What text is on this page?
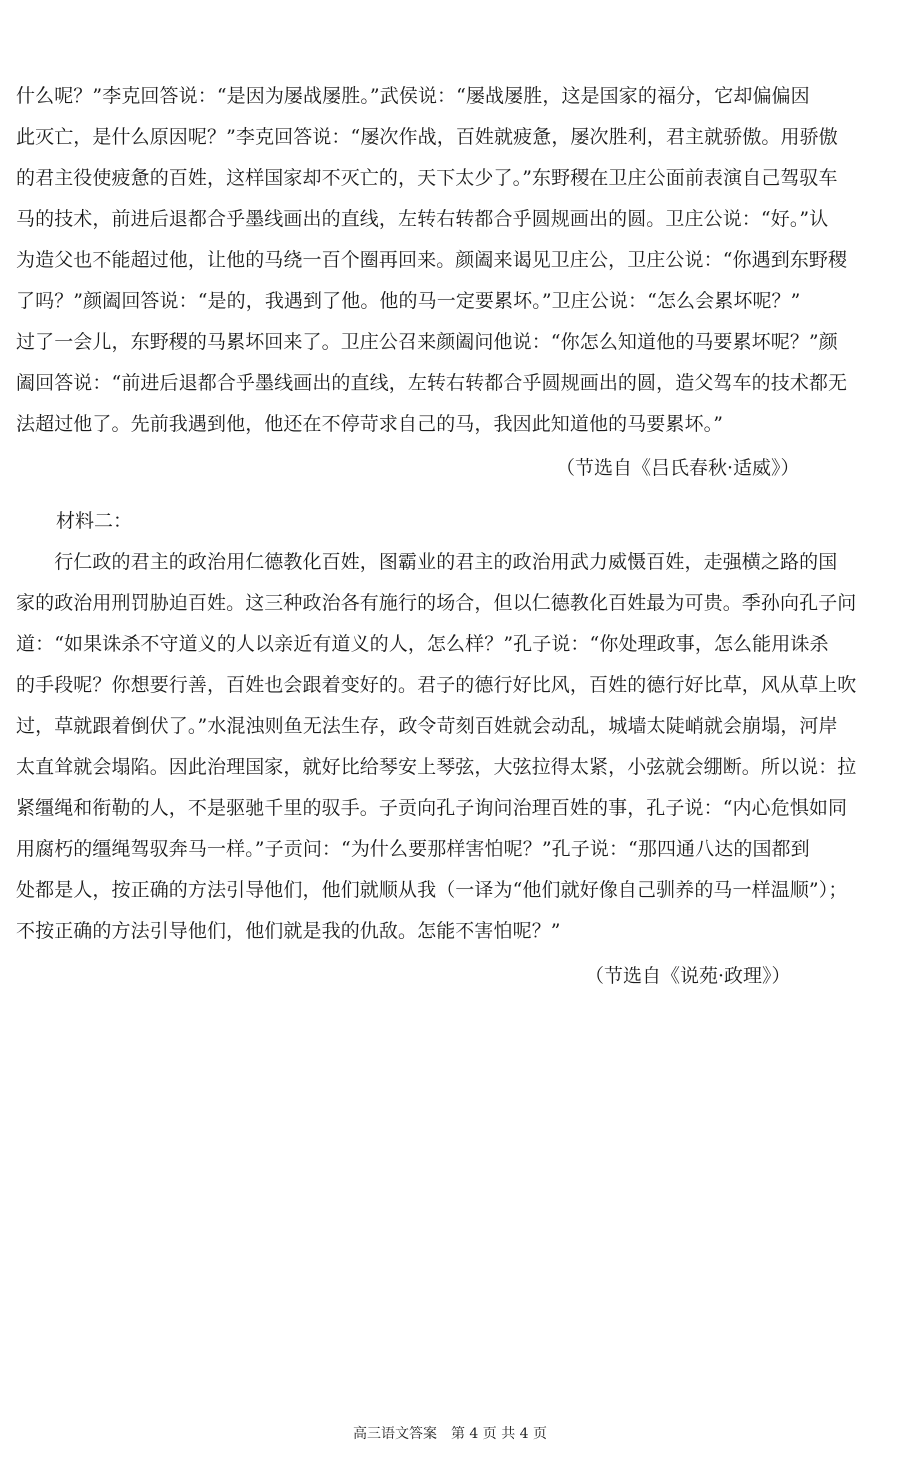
什么呢？”李克回答说：“是因为屡战屡胜。”武侯说：“屡战屡胜，这是国家的福分，它却偏偏因
此灭亡，是什么原因呢？”李克回答说：“屡次作战，百姓就疲惫，屡次胜利，君主就骄傲。用骄傲
的君主役使疲惫的百姓，这样国家却不灭亡的，天下太少了。”东野稷在卫庄公面前表演自己驾驭车
马的技术，前进后退都合乎墨线画出的直线，左转右转都合乎圆规画出的圆。卫庄公说：“好。”认
为造父也不能超过他，让他的马绕一百个圈再回来。颜阖来谒见卫庄公，卫庄公说：“你遇到东野稷
了吗？”颜阖回答说：“是的，我遇到了他。他的马一定要累坏。”卫庄公说：“怎么会累坏呢？”
过了一会儿，东野稷的马累坏回来了。卫庄公召来颜阖问他说：“你怎么知道他的马要累坏呢？”颜
阖回答说：“前进后退都合乎墨线画出的直线，左转右转都合乎圆规画出的圆，造父驾车的技术都无
法超过他了。先前我遇到他，他还在不停苛求自己的马，我因此知道他的马要累坏。”
（节选自《吕氏春秋·适威》）
材料二：
　　行仁政的君主的政治用仁德教化百姓，图霸业的君主的政治用武力威慑百姓，走强横之路的国
家的政治用刑罚胁迫百姓。这三种政治各有施行的场合，但以仁德教化百姓最为可贵。季孙向孔子问
道：“如果诛杀不守道义的人以亲近有道义的人，怎么样？”孔子说：“你处理政事，怎么能用诛杀
的手段呢？你想要行善，百姓也会跟着变好的。君子的德行好比风，百姓的德行好比草，风从草上吹
过，草就跟着倒伏了。”水混浊则鱼无法生存，政令苛刻百姓就会动乱，城墙太陡峭就会崩塌，河岸
太直耸就会塌陷。因此治理国家，就好比给琴安上琴弦，大弦拉得太紧，小弦就会绷断。所以说：拉
紧缰绳和衔勒的人，不是驱驰千里的驭手。子贡向孔子询问治理百姓的事，孔子说：“内心危惧如同
用腐朽的缰绳驾驭奔马一样。”子贡问：“为什么要那样害怕呢？”孔子说：“那四通八达的国都到
处都是人，按正确的方法引导他们，他们就顺从我（一译为“他们就好像自己驯养的马一样温顺”）；
不按正确的方法引导他们，他们就是我的仇敌。怎能不害怕呢？”
（节选自《说苑·政理》）
高三语文答案　第 4 页 共 4 页
